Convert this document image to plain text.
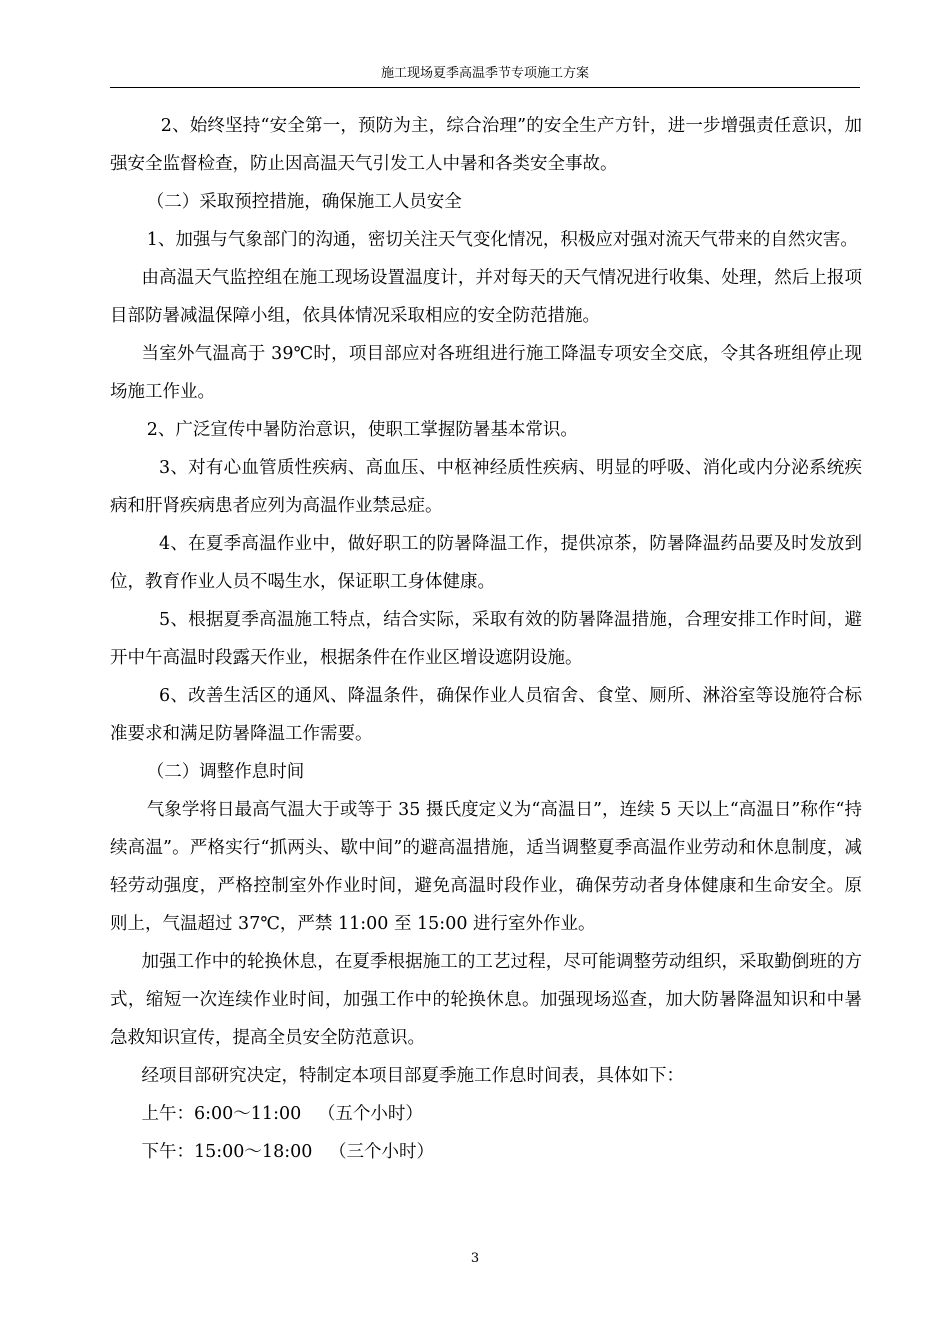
施工现场夏季高温季节专项施工方案

2、始终坚持“安全第一，预防为主，综合治理”的安全生产方针，进一步增强责任意识，加强安全监督检查，防止因高温天气引发工人中暑和各类安全事故。

（二）采取预控措施，确保施工人员安全

1、加强与气象部门的沟通，密切关注天气变化情况，积极应对强对流天气带来的自然灾害。

由高温天气监控组在施工现场设置温度计，并对每天的天气情况进行收集、处理，然后上报项目部防暑减温保障小组，依具体情况采取相应的安全防范措施。

当室外气温高于 39℃时，项目部应对各班组进行施工降温专项安全交底，令其各班组停止现场施工作业。

2、广泛宣传中暑防治意识，使职工掌握防暑基本常识。

3、对有心血管质性疾病、高血压、中枢神经质性疾病、明显的呼吸、消化或内分泌系统疾病和肝肾疾病患者应列为高温作业禁忌症。

4、在夏季高温作业中，做好职工的防暑降温工作，提供凉茶，防暑降温药品要及时发放到位，教育作业人员不喝生水，保证职工身体健康。

5、根据夏季高温施工特点，结合实际，采取有效的防暑降温措施，合理安排工作时间，避开中午高温时段露天作业，根据条件在作业区增设遮阴设施。

6、改善生活区的通风、降温条件，确保作业人员宿舍、食堂、厕所、淋浴室等设施符合标准要求和满足防暑降温工作需要。

（二）调整作息时间

气象学将日最高气温大于或等于 35 摄氏度定义为“高温日”，连续 5 天以上“高温日”称作“持续高温”。严格实行“抓两头、歇中间”的避高温措施，适当调整夏季高温作业劳动和休息制度，减轻劳动强度，严格控制室外作业时间，避免高温时段作业，确保劳动者身体健康和生命安全。原则上，气温超过 37℃，严禁 11:00 至 15:00 进行室外作业。

加强工作中的轮换休息，在夏季根据施工的工艺过程，尽可能调整劳动组织，采取勤倒班的方式，缩短一次连续作业时间，加强工作中的轮换休息。加强现场巡查，加大防暑降温知识和中暑急救知识宣传，提高全员安全防范意识。

经项目部研究决定，特制定本项目部夏季施工作息时间表，具体如下：

上午：6:00～11:00   （五个小时）

下午：15:00～18:00   （三个小时）

3
